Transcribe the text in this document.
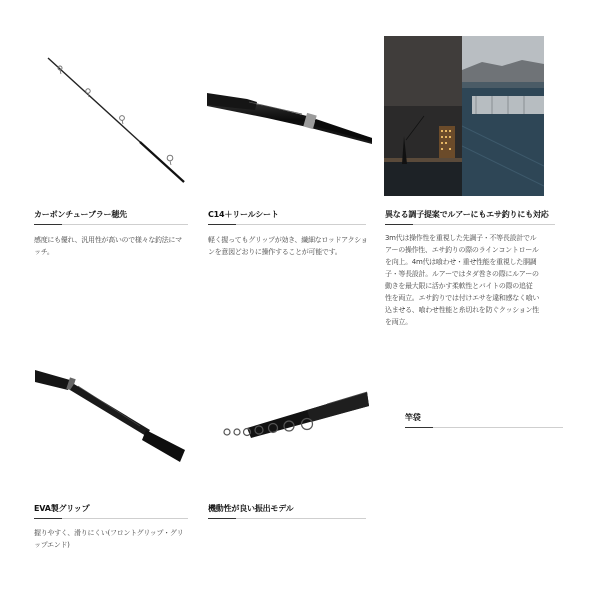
カーボンチューブラー穂先
感度にも優れ、汎用性が高いので様々な釣法にマッチ。
C14＋リールシート
軽く握ってもグリップが効き、繊細なロッドアクションを意図どおりに操作することが可能です。
異なる調子提案でルアーにもエサ釣りにも対応
3m代は操作性を重視した先調子・不等長設計でル
アーの操作性、エサ釣りの際のラインコントロール
を向上。4m代は喰わせ・重せ性能を重視した胴調
子・等長設計。ルアーではタダ巻きの際にルアーの
動きを最大限に活かす柔軟性とバイトの際の追従
性を両立。エサ釣りでは付けエサを違和感なく喰い
込ませる、喰わせ性能と糸切れを防ぐクッション性
を両立。
EVA製グリップ
握りやすく、滑りにくい(フロントグリップ・グリップエンド)
機動性が良い振出モデル
竿袋
